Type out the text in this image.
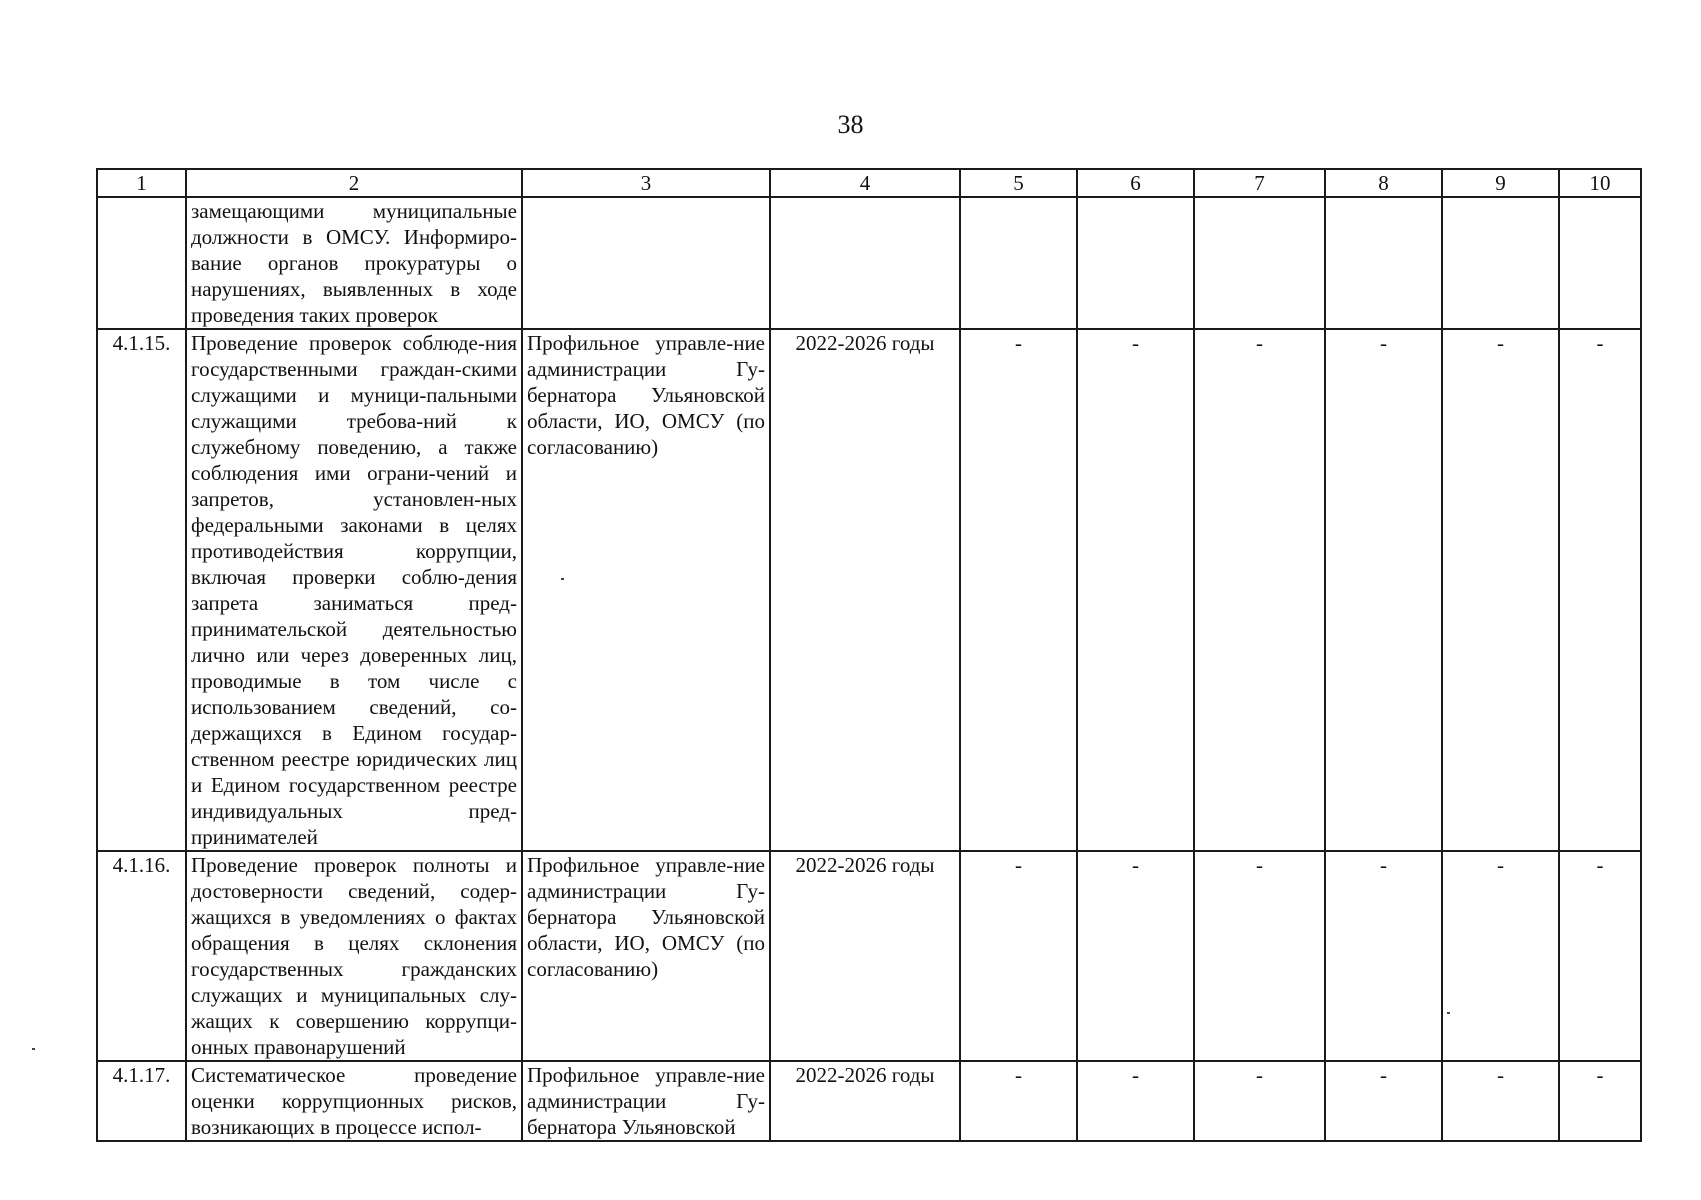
38
1	2	3	4	5	6	7	8	9	10

	замещающими муниципальные должности в ОМСУ. Информиро-вание органов прокуратуры о нарушениях, выявленных в ходе проведения таких проверок								

4.1.15.	Проведение проверок соблюде-ния государственными граждан-скими служащими и муници-пальными служащими требова-ний к служебному поведению, а также соблюдения ими ограни-чений и запретов, установлен-ных федеральными законами в целях противодействия коррупции, включая проверки соблю-дения запрета заниматься пред-принимательской деятельностью лично или через доверенных лиц, проводимые в том числе с использованием сведений, со-держащихся в Едином государ-ственном реестре юридических лиц и Едином государственном реестре индивидуальных пред-принимателей	Профильное управле-ние администрации Гу-бернатора Ульяновской области, ИО, ОМСУ (по согласованию)	2022-2026 годы	-	-	-	-	-	-
4.1.16.	Проведение проверок полноты и достоверности сведений, содер-жащихся в уведомлениях о фактах обращения в целях склонения государственных гражданских служащих и муниципальных слу-жащих к совершению коррупци-онных правонарушений	Профильное управле-ние администрации Гу-бернатора Ульяновской области, ИО, ОМСУ (по согласованию)	2022-2026 годы	-	-	-	-	-	-
4.1.17.	Систематическое проведение оценки коррупционных рисков, возникающих в процессе испол-	Профильное управле-ние администрации Гу-бернатора Ульяновской	2022-2026 годы	-	-	-	-	-	-
